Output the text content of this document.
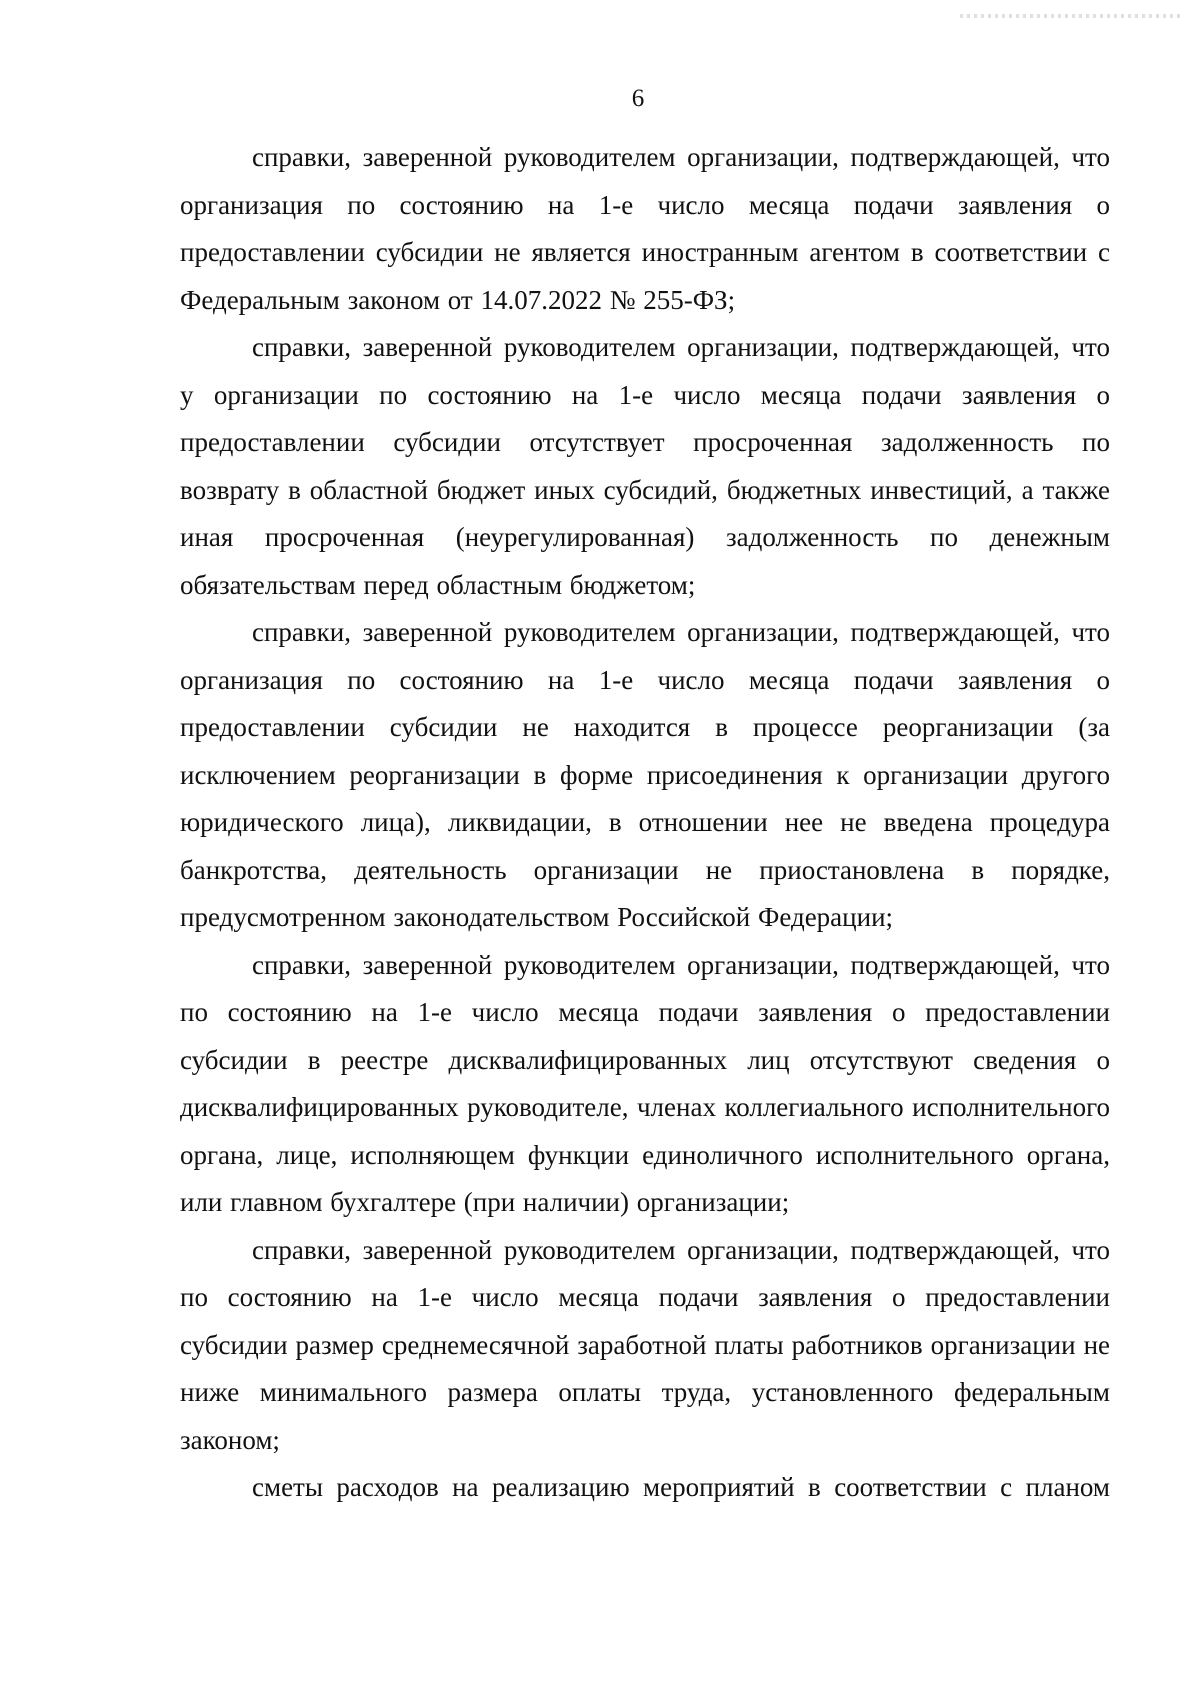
6

справки, заверенной руководителем организации, подтверждающей, что организация по состоянию на 1-е число месяца подачи заявления о предоставлении субсидии не является иностранным агентом в соответствии с Федеральным законом от 14.07.2022 № 255-ФЗ;

справки, заверенной руководителем организации, подтверждающей, что у организации по состоянию на 1-е число месяца подачи заявления о предоставлении субсидии отсутствует просроченная задолженность по возврату в областной бюджет иных субсидий, бюджетных инвестиций, а также иная просроченная (неурегулированная) задолженность по денежным обязательствам перед областным бюджетом;

справки, заверенной руководителем организации, подтверждающей, что организация по состоянию на 1-е число месяца подачи заявления о предоставлении субсидии не находится в процессе реорганизации (за исключением реорганизации в форме присоединения к организации другого юридического лица), ликвидации, в отношении нее не введена процедура банкротства, деятельность организации не приостановлена в порядке, предусмотренном законодательством Российской Федерации;

справки, заверенной руководителем организации, подтверждающей, что по состоянию на 1-е число месяца подачи заявления о предоставлении субсидии в реестре дисквалифицированных лиц отсутствуют сведения о дисквалифицированных руководителе, членах коллегиального исполнительного органа, лице, исполняющем функции единоличного исполнительного органа, или главном бухгалтере (при наличии) организации;

справки, заверенной руководителем организации, подтверждающей, что по состоянию на 1-е число месяца подачи заявления о предоставлении субсидии размер среднемесячной заработной платы работников организации не ниже минимального размера оплаты труда, установленного федеральным законом;

сметы расходов на реализацию мероприятий в соответствии с планом
